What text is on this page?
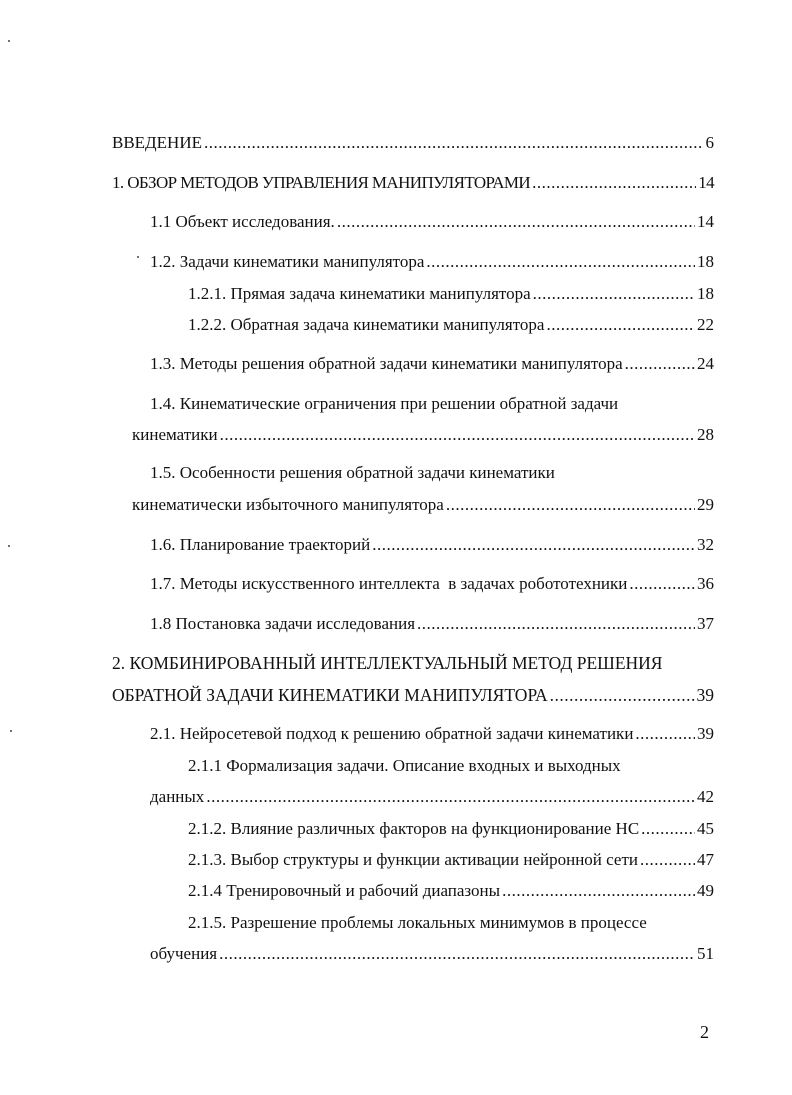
ВВЕДЕНИЕ .....	6
1. ОБЗОР МЕТОДОВ УПРАВЛЕНИЯ МАНИПУЛЯТОРАМИ .....	14
1.1 Объект исследования. .....	14
1.2. Задачи кинематики манипулятора .....	18
1.2.1. Прямая задача кинематики манипулятора .....	18
1.2.2. Обратная задача кинематики манипулятора .....	22
1.3. Методы решения обратной задачи кинематики манипулятора .....	24
1.4. Кинематические ограничения при решении обратной задачи
кинематики .....	28
1.5. Особенности решения обратной задачи кинематики
кинематически избыточного манипулятора .....	29
1.6. Планирование траекторий .....	32
1.7. Методы искусственного интеллекта  в задачах робототехники .....	36
1.8 Постановка задачи исследования .....	37
2. КОМБИНИРОВАННЫЙ ИНТЕЛЛЕКТУАЛЬНЫЙ МЕТОД РЕШЕНИЯ
ОБРАТНОЙ ЗАДАЧИ КИНЕМАТИКИ МАНИПУЛЯТОРА .....	39
2.1. Нейросетевой подход к решению обратной задачи кинематики .....	39
2.1.1 Формализация задачи. Описание входных и выходных
данных .....	42
2.1.2. Влияние различных факторов на функционирование НС .....	45
2.1.3. Выбор структуры и функции активации нейронной сети .....	47
2.1.4 Тренировочный и рабочий диапазоны .....	49
2.1.5. Разрешение проблемы локальных минимумов в процессе
обучения .....	51
2
